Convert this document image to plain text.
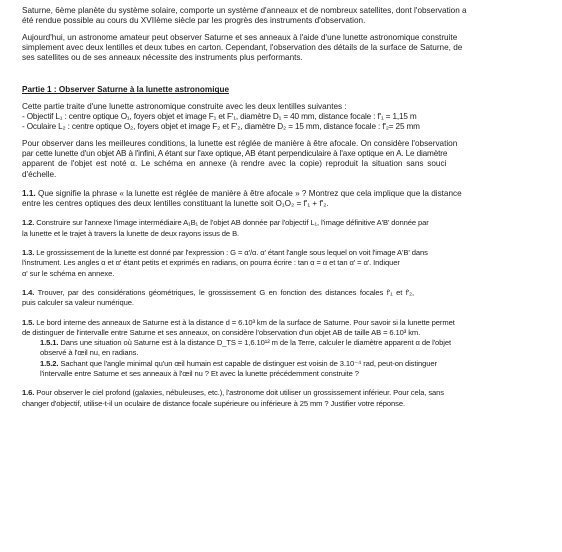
Saturne, 6ème planète du système solaire, comporte un système d'anneaux et de nombreux satellites, dont l'observation a

été rendue possible au cours du XVIIème siècle par les progrès des instruments d'observation.

Aujourd'hui, un astronome amateur peut observer Saturne et ses anneaux à l'aide d'une lunette astronomique construite

simplement avec deux lentilles et deux tubes en carton. Cependant, l'observation des détails de la surface de Saturne, de

ses satellites ou de ses anneaux nécessite des instruments plus performants.

Partie 1 : Observer Saturne à la lunette astronomique

Cette partie traite d'une lunette astronomique construite avec les deux lentilles suivantes :

- Objectif L₁ : centre optique O₁, foyers objet et image F₁ et F'₁, diamètre D₁ = 40 mm, distance focale : f'₁ = 1,15 m

- Oculaire L₂ : centre optique O₂, foyers objet et image F₂ et F'₂, diamètre D₂ = 15 mm, distance focale : f'₂= 25 mm

Pour observer dans les meilleures conditions, la lunette est réglée de manière à être afocale. On considère l'observation

par cette lunette d'un objet AB à l'infini, A étant sur l'axe optique, AB étant perpendiculaire à l'axe optique en A. Le diamètre

apparent de l'objet est noté α. Le schéma en annexe (à rendre avec la copie) reproduit la situation sans souci

d'échelle.

1.1. Que signifie la phrase « la lunette est réglée de manière à être afocale » ? Montrez que cela implique que la distance

entre les centres optiques des deux lentilles constituant la lunette soit O₁O₂ = f'₁ + f'₂.

1.2. Construire sur l'annexe l'image intermédiaire A₁B₁ de l'objet AB donnée par l'objectif L₁, l'image définitive A'B' donnée par

la lunette et le trajet à travers la lunette de deux rayons issus de B.

1.3. Le grossissement de la lunette est donné par l'expression : G = α'/α. α' étant l'angle sous lequel on voit l'image A'B' dans

l'instrument. Les angles α et α' étant petits et exprimés en radians, on pourra écrire : tan α = α et tan α' = α'. Indiquer

α' sur le schéma en annexe.

1.4. Trouver, par des considérations géométriques, le grossissement G en fonction des distances focales f'₁ et f'₂,

puis calculer sa valeur numérique.

1.5. Le bord interne des anneaux de Saturne est à la distance d = 6.10³ km de la surface de Saturne. Pour savoir si la lunette permet

de distinguer de l'intervalle entre Saturne et ses anneaux, on considère l'observation d'un objet AB de taille AB = 6.10³ km.

1.5.1. Dans une situation où Saturne est à la distance D_TS = 1,6.10¹² m de la Terre, calculer le diamètre apparent α de l'objet

observé à l'œil nu, en radians.

1.5.2. Sachant que l'angle minimal qu'un œil humain est capable de distinguer est voisin de 3.10⁻⁴ rad, peut-on distinguer

l'intervalle entre Saturne et ses anneaux à l'œil nu ? Et avec la lunette précédemment construite ?

1.6. Pour observer le ciel profond (galaxies, nébuleuses, etc.), l'astronome doit utiliser un grossissement inférieur. Pour cela, sans

changer d'objectif, utilise-t-il un oculaire de distance focale supérieure ou inférieure à 25 mm ? Justifier votre réponse.
